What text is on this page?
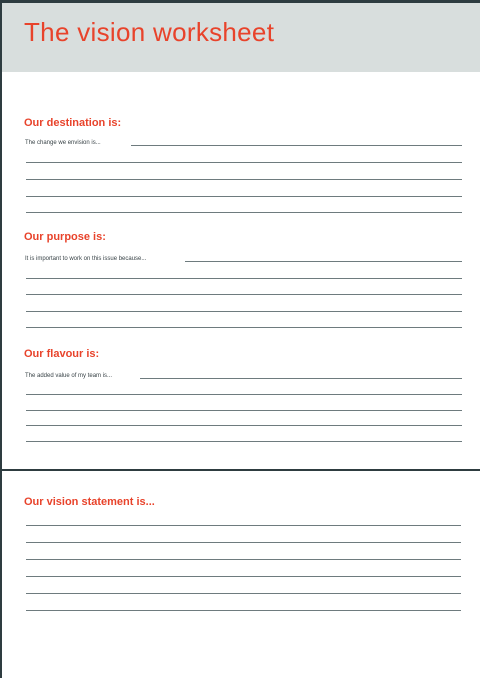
The vision worksheet
Our destination is:
The change we envision is...
Our purpose is:
It is important to work on this issue because...
Our flavour is:
The added value of my team is...
Our vision statement is...
